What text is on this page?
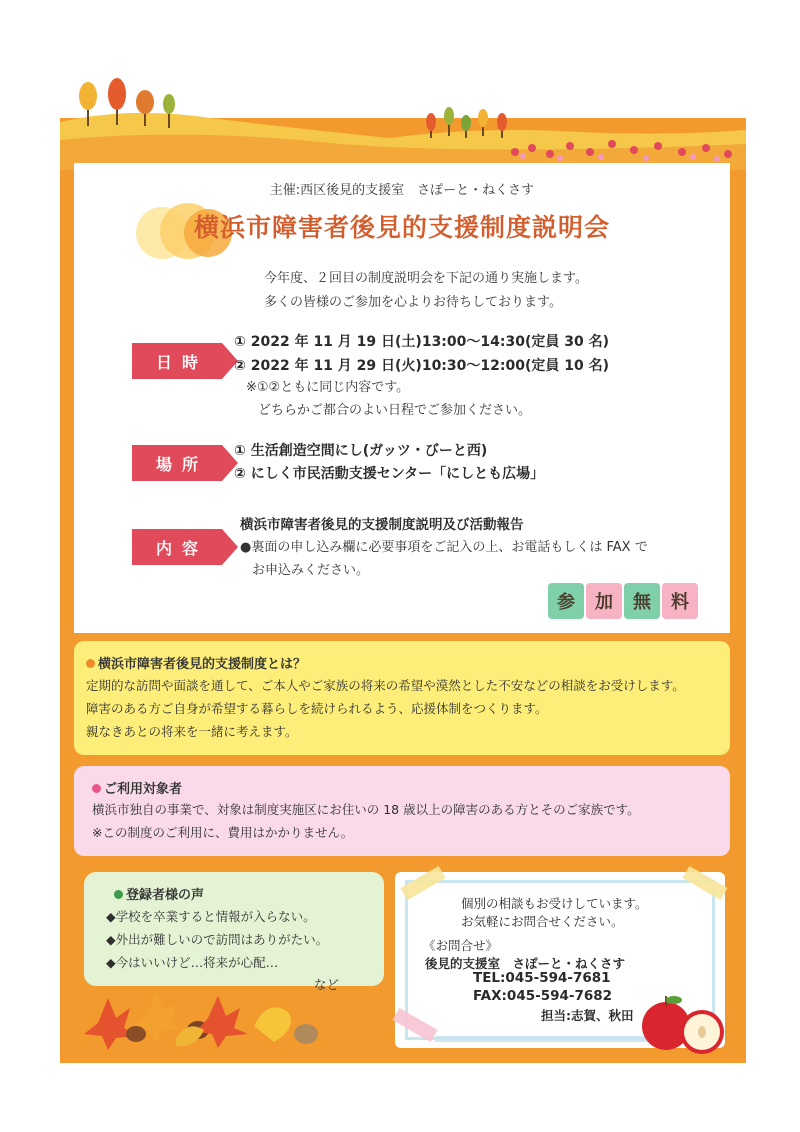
主催:西区後見的支援室　さぽーと・ねくさす
横浜市障害者後見的支援制度説明会
今年度、２回目の制度説明会を下記の通り実施します。
多くの皆様のご参加を心よりお待ちしております。
日時
① 2022 年 11 月 19 日(土)13:00～14:30(定員 30 名)
② 2022 年 11 月 29 日(火)10:30～12:00(定員 10 名)
※①②ともに同じ内容です。
どちらかご都合のよい日程でご参加ください。
場所
① 生活創造空間にし(ガッツ・びーと西)
② にしく市民活動支援センター「にしとも広場」
内容
横浜市障害者後見的支援制度説明及び活動報告
●裏面の申し込み欄に必要事項をご記入の上、お電話もしくは FAX で
お申込みください。
参	加	無	料
横浜市障害者後見的支援制度とは？
定期的な訪問や面談を通して、ご本人やご家族の将来の希望や漠然とした不安などの相談をお受けします。
障害のある方ご自身が希望する暮らしを続けられるよう、応援体制をつくります。
親なきあとの将来を一緒に考えます。
ご利用対象者
横浜市独自の事業で、対象は制度実施区にお住いの 18 歳以上の障害のある方とそのご家族です。
※この制度のご利用に、費用はかかりません。
登録者様の声
◆学校を卒業すると情報が入らない。
◆外出が難しいので訪問はありがたい。
◆今はいいけど…将来が心配…
など
個別の相談もお受けしています。
お気軽にお問合せください。
《お問合せ》
後見的支援室　さぽーと・ねくさす
TEL:045-594-7681
FAX:045-594-7682
担当:志賀、秋田
